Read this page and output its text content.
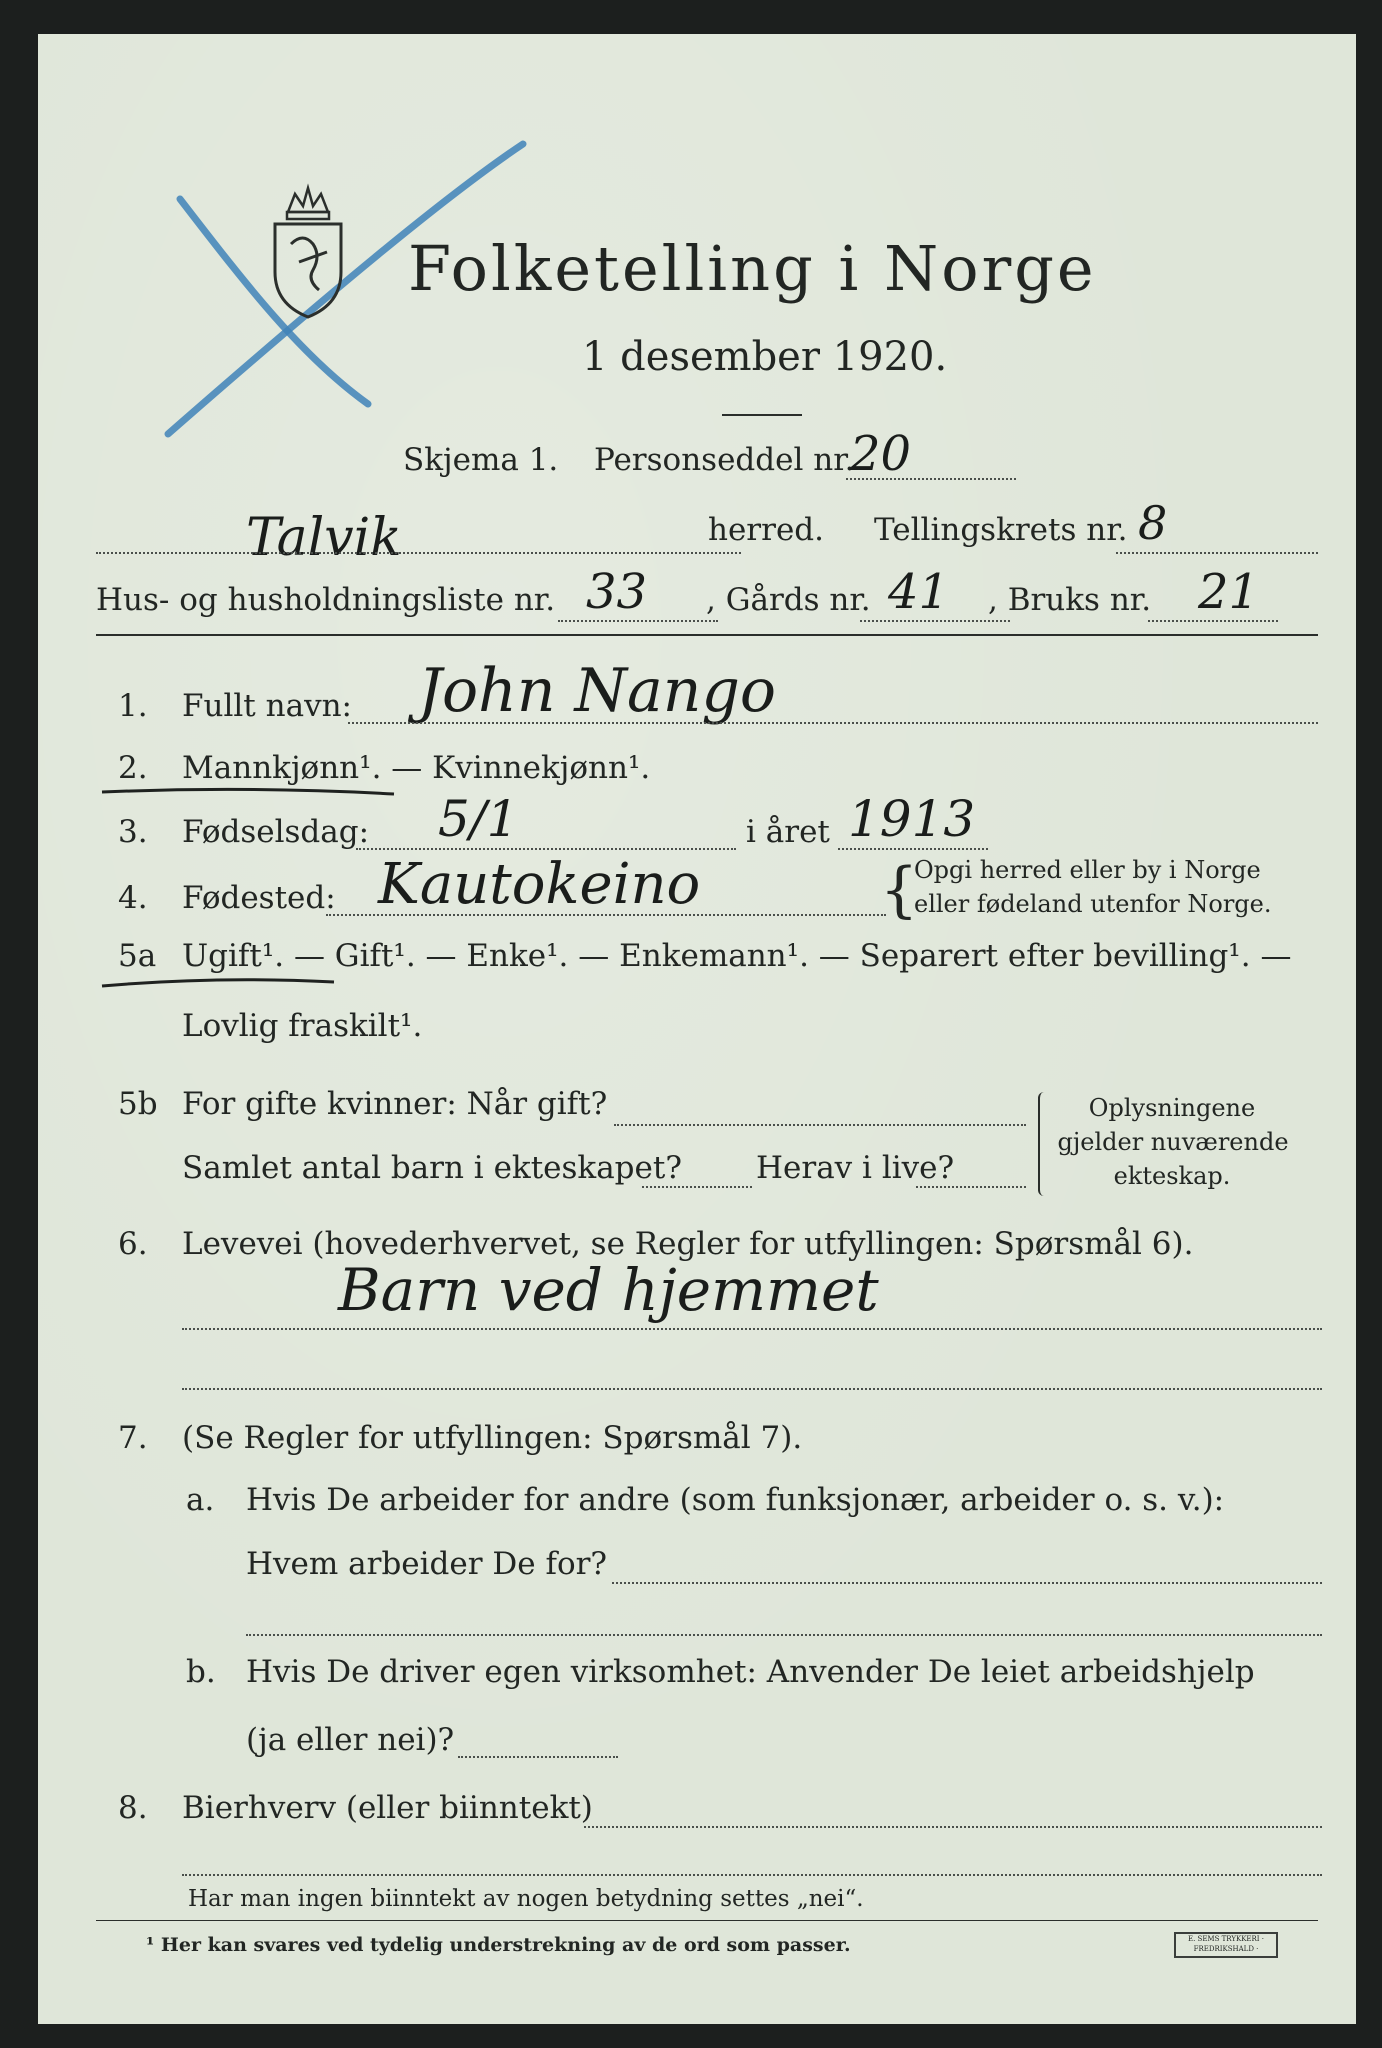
Folketelling i Norge
1 desember 1920.
Skjema 1. Personseddel nr.
20
Talvik	herred. Tellingskrets nr. 8
Hus- og husholdningsliste nr. 33 , Gårds nr. 41 , Bruks nr. 21
1. Fullt navn: John Nango
2. Mannkjønn¹. — Kvinnekjønn¹.
3. Fødselsdag: 5/1	i året 1913
4. Fødested: Kautokeino	{
Opgi herred eller by i Norge
eller fødeland utenfor Norge.
5a Ugift¹. — Gift¹. — Enke¹. — Enkemann¹. — Separert efter bevilling¹. —
Lovlig fraskilt¹.
5b For gifte kvinner: Når gift?
Samlet antal barn i ekteskapet? Herav i live?
Oplysningene
gjelder nuværende
ekteskap.
6. Levevei (hovederhvervet, se Regler for utfyllingen: Spørsmål 6).
Barn ved hjemmet
7. (Se Regler for utfyllingen: Spørsmål 7).
a. Hvis De arbeider for andre (som funksjonær, arbeider o. s. v.):
Hvem arbeider De for?
b. Hvis De driver egen virksomhet: Anvender De leiet arbeidshjelp
(ja eller nei)?
8. Bierhverv (eller biinntekt)
Har man ingen biinntekt av nogen betydning settes „nei“.
¹ Her kan svares ved tydelig understrekning av de ord som passer.	E. SEMS TRYKKERI · FREDRIKSHALD ·
